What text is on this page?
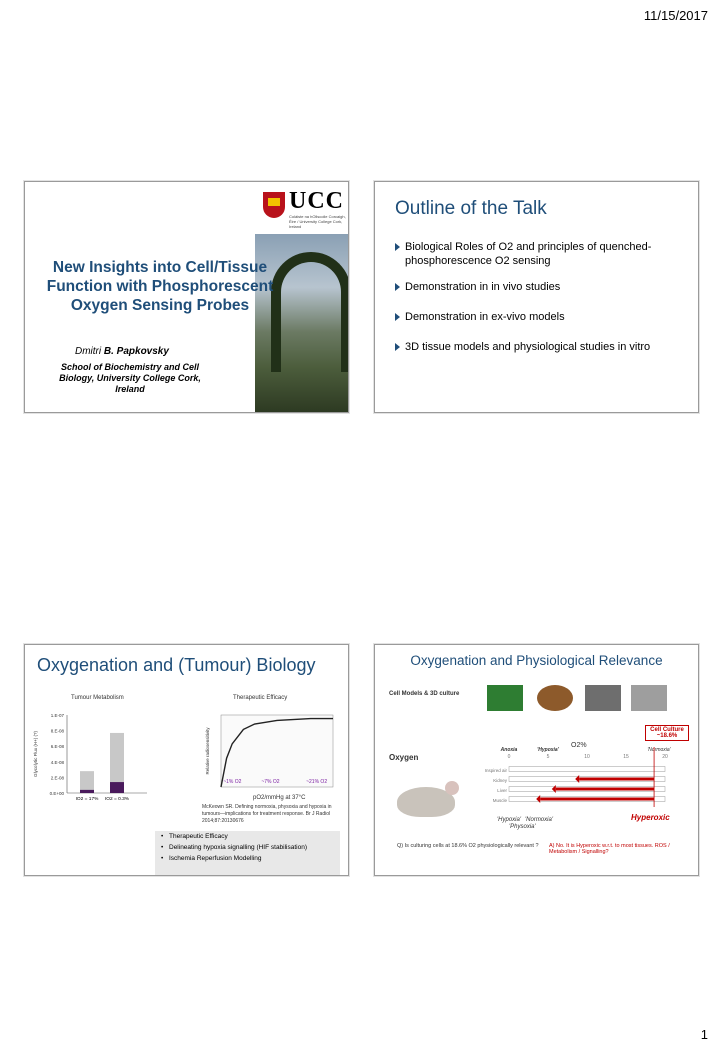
11/15/2017
UCC
Coláiste na hOllscoile Corcaigh, Éire / University College Cork, Ireland
New Insights into Cell/Tissue Function with Phosphorescent Oxygen Sensing Probes
Dmitri B. Papkovsky
School of Biochemistry and Cell Biology, University College Cork, Ireland
Outline of the Talk
Biological Roles of O2 and principles of quenched-phosphorescence O2 sensing
Demonstration in in vivo studies
Demonstration in ex-vivo models
3D tissue models and physiological studies in vitro
Oxygenation and (Tumour) Biology
Tumour Metabolism	Therapeutic Efficacy
0.E+00
2.E-08
4.E-08
6.E-08
8.E-08
1.E-07
Glycolytic Flux (H+) (?)
IO2 = 17% IO2 = 0.3%
Relative radiosensitivity
~1% O2	~7% O2	~21% O2
pO2/mmHg at 37°C
McKeown SR. Defining normoxia, physoxia and hypoxia in tumours—implications for treatment response. Br J Radiol 2014;87:20130676
• Therapeutic Efficacy
• Delineating hypoxia signalling (HIF stabilisation)
• Ischemia Reperfusion Modelling
Oxygenation and Physiological Relevance
Cell Models & 3D culture
Cell Culture ~18.6%
O2%
Oxygen
Anoxia	'Hypoxia'	'Normoxia'
0	5	10	15	20
Inspired air
Kidney
Liver
Muscle
'Hypoxia' 'Normoxia'
'Physoxia'
Hyperoxic
Q) Is culturing cells at 18.6% O2 physiologically relevant ?	A) No. It is Hyperoxic w.r.t. to most tissues. ROS / Metabolism / Signalling?
1
